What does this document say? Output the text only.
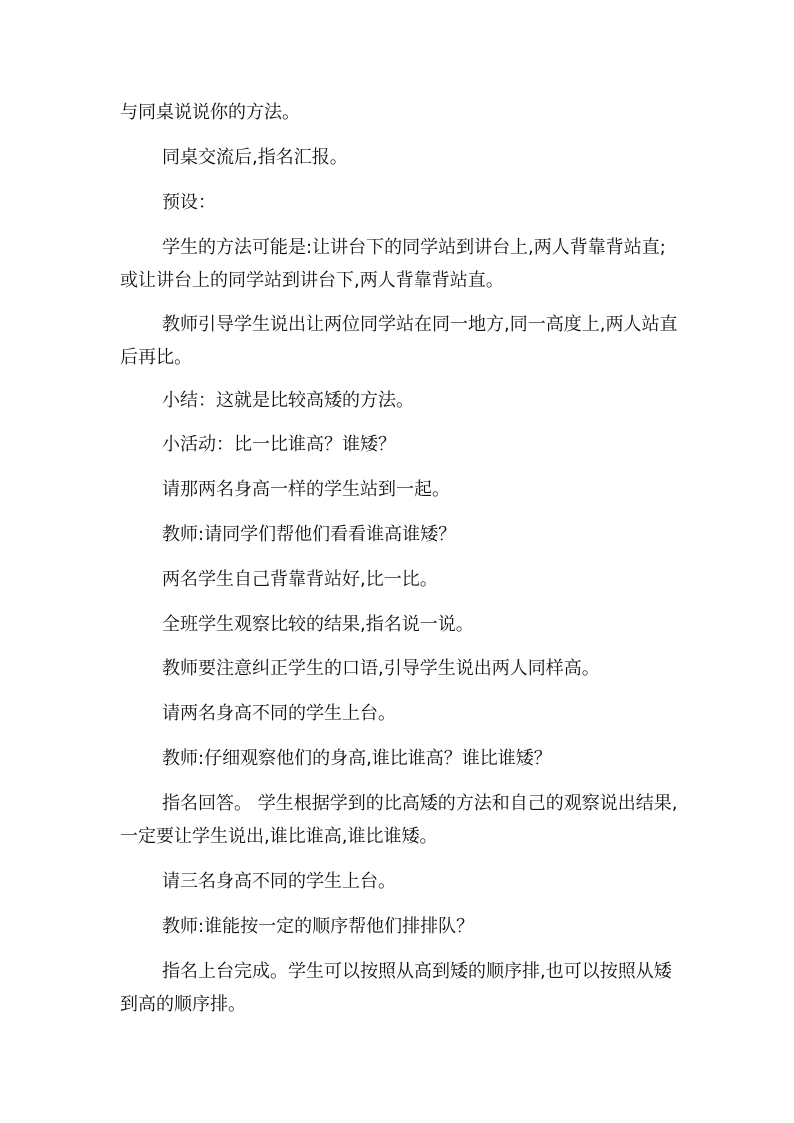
与同桌说说你的方法。

同桌交流后,指名汇报。

预设：

学生的方法可能是:让讲台下的同学站到讲台上,两人背靠背站直;或让讲台上的同学站到讲台下,两人背靠背站直。

教师引导学生说出让两位同学站在同一地方,同一高度上,两人站直后再比。

小结：这就是比较高矮的方法。

小活动：比一比谁高？谁矮？

请那两名身高一样的学生站到一起。

教师:请同学们帮他们看看谁高谁矮？

两名学生自己背靠背站好,比一比。

全班学生观察比较的结果,指名说一说。

教师要注意纠正学生的口语,引导学生说出两人同样高。

请两名身高不同的学生上台。

教师:仔细观察他们的身高,谁比谁高？谁比谁矮？

指名回答。 学生根据学到的比高矮的方法和自己的观察说出结果,一定要让学生说出,谁比谁高,谁比谁矮。

请三名身高不同的学生上台。

教师:谁能按一定的顺序帮他们排排队？

指名上台完成。学生可以按照从高到矮的顺序排,也可以按照从矮到高的顺序排。
